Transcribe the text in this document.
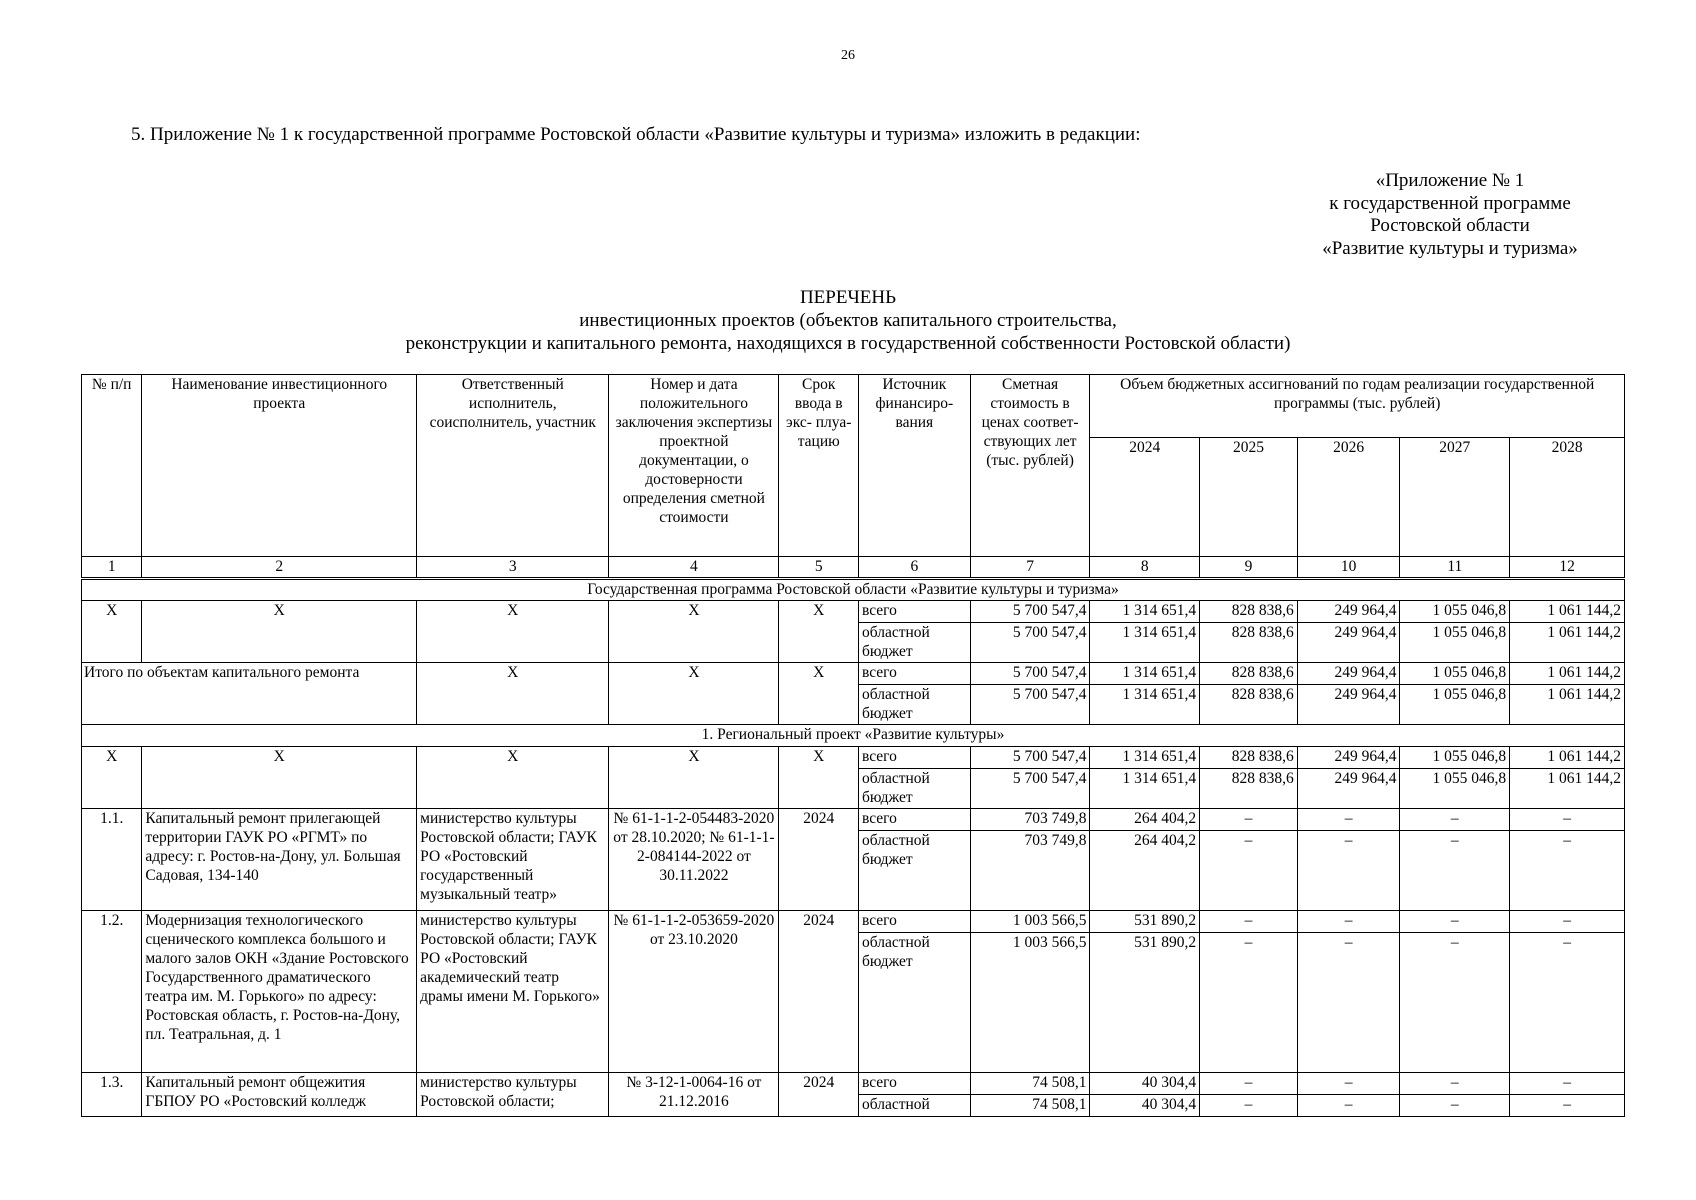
26
5. Приложение № 1 к государственной программе Ростовской области «Развитие культуры и туризма» изложить в редакции:
«Приложение № 1
к государственной программе
Ростовской области
«Развитие культуры и туризма»
ПЕРЕЧЕНЬ
инвестиционных проектов (объектов капитального строительства,
реконструкции и капитального ремонта, находящихся в государственной собственности Ростовской области)
№ п/п	Наименование инвестиционного проекта	Ответственный исполнитель, соисполнитель, участник	Номер и дата положительного заключения экспертизы проектной документации, о достоверности определения сметной стоимости	Срок ввода в экс- плуа- тацию	Источник финансиро- вания	Сметная стоимость в ценах соответ- ствующих лет (тыс. рублей)	Объем бюджетных ассигнований по годам реализации государственной программы (тыс. рублей)				
							2024	2025	2026	2027	2028
1	2	3	4	5	6	7	8	9	10	11	12
Государственная программа Ростовской области «Развитие культуры и туризма»											
Х	Х	Х	Х	Х	всего	5 700 547,4	1 314 651,4	828 838,6	249 964,4	1 055 046,8	1 061 144,2
					областной бюджет	5 700 547,4	1 314 651,4	828 838,6	249 964,4	1 055 046,8	1 061 144,2
Итого по объектам капитального ремонта		Х	Х	Х	всего	5 700 547,4	1 314 651,4	828 838,6	249 964,4	1 055 046,8	1 061 144,2
					областной бюджет	5 700 547,4	1 314 651,4	828 838,6	249 964,4	1 055 046,8	1 061 144,2
1. Региональный проект «Развитие культуры»											
Х	Х	Х	Х	Х	всего	5 700 547,4	1 314 651,4	828 838,6	249 964,4	1 055 046,8	1 061 144,2
					областной бюджет	5 700 547,4	1 314 651,4	828 838,6	249 964,4	1 055 046,8	1 061 144,2
1.1.	Капитальный ремонт прилегающей территории ГАУК РО «РГМТ» по адресу: г. Ростов-на-Дону, ул. Большая Садовая, 134-140	министерство культуры Ростовской области; ГАУК РО «Ростовский государственный музыкальный театр»	№ 61-1-1-2-054483-2020 от 28.10.2020; № 61-1-1-2-084144-2022 от 30.11.2022	2024	всего	703 749,8	264 404,2	–	–	–	–
					областной бюджет	703 749,8	264 404,2	–	–	–	–
1.2.	Модернизация технологического сценического комплекса большого и малого залов ОКН «Здание Ростовского Государственного драматического театра им. М. Горького» по адресу: Ростовская область, г. Ростов-на-Дону, пл. Театральная, д. 1	министерство культуры Ростовской области; ГАУК РО «Ростовский академический театр драмы имени М. Горького»	№ 61-1-1-2-053659-2020 от 23.10.2020	2024	всего	1 003 566,5	531 890,2	–	–	–	–
					областной бюджет	1 003 566,5	531 890,2	–	–	–	–
1.3.	Капитальный ремонт общежития ГБПОУ РО «Ростовский колледж	министерство культуры Ростовской области;	№ 3-12-1-0064-16 от 21.12.2016	2024	всего	74 508,1	40 304,4	–	–	–	–
					областной	74 508,1	40 304,4	–	–	–	–
